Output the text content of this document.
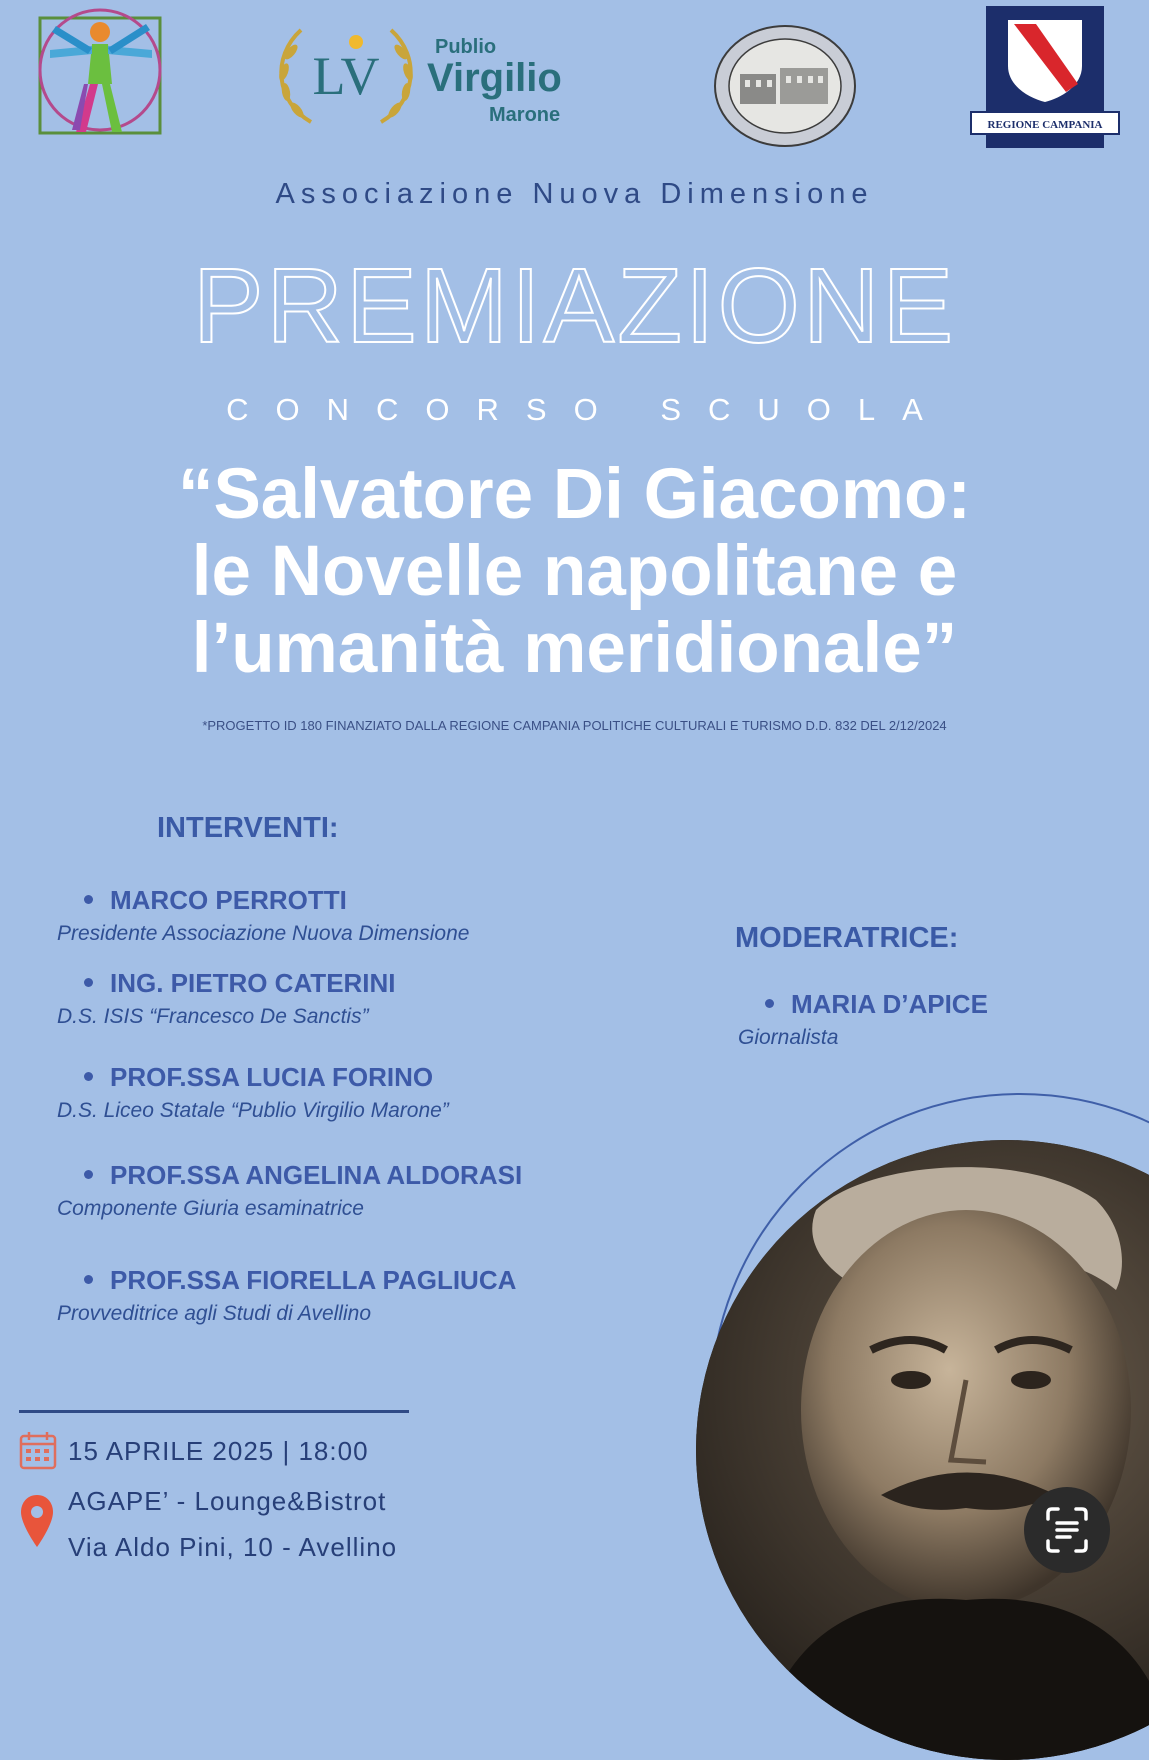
LV	Publio
Virgilio
Marone	REGIONE CAMPANIA
Associazione Nuova Dimensione
PREMIAZIONE
CONCORSO SCUOLA
“Salvatore Di Giacomo:
le Novelle napolitane e
l’umanità meridionale”
*PROGETTO ID 180 FINANZIATO DALLA REGIONE CAMPANIA POLITICHE CULTURALI E TURISMO D.D. 832 DEL 2/12/2024
INTERVENTI:
MARCO PERROTTI
Presidente Associazione Nuova Dimensione
ING. PIETRO CATERINI
D.S. ISIS “Francesco De Sanctis”
PROF.SSA LUCIA FORINO
D.S. Liceo Statale “Publio Virgilio Marone”
PROF.SSA ANGELINA ALDORASI
Componente Giuria esaminatrice
PROF.SSA FIORELLA PAGLIUCA
Provveditrice agli Studi di Avellino
MODERATRICE:
MARIA D’APICE
Giornalista
15 APRILE 2025 | 18:00
AGAPE’ - Lounge&Bistrot
Via Aldo Pini, 10 - Avellino
